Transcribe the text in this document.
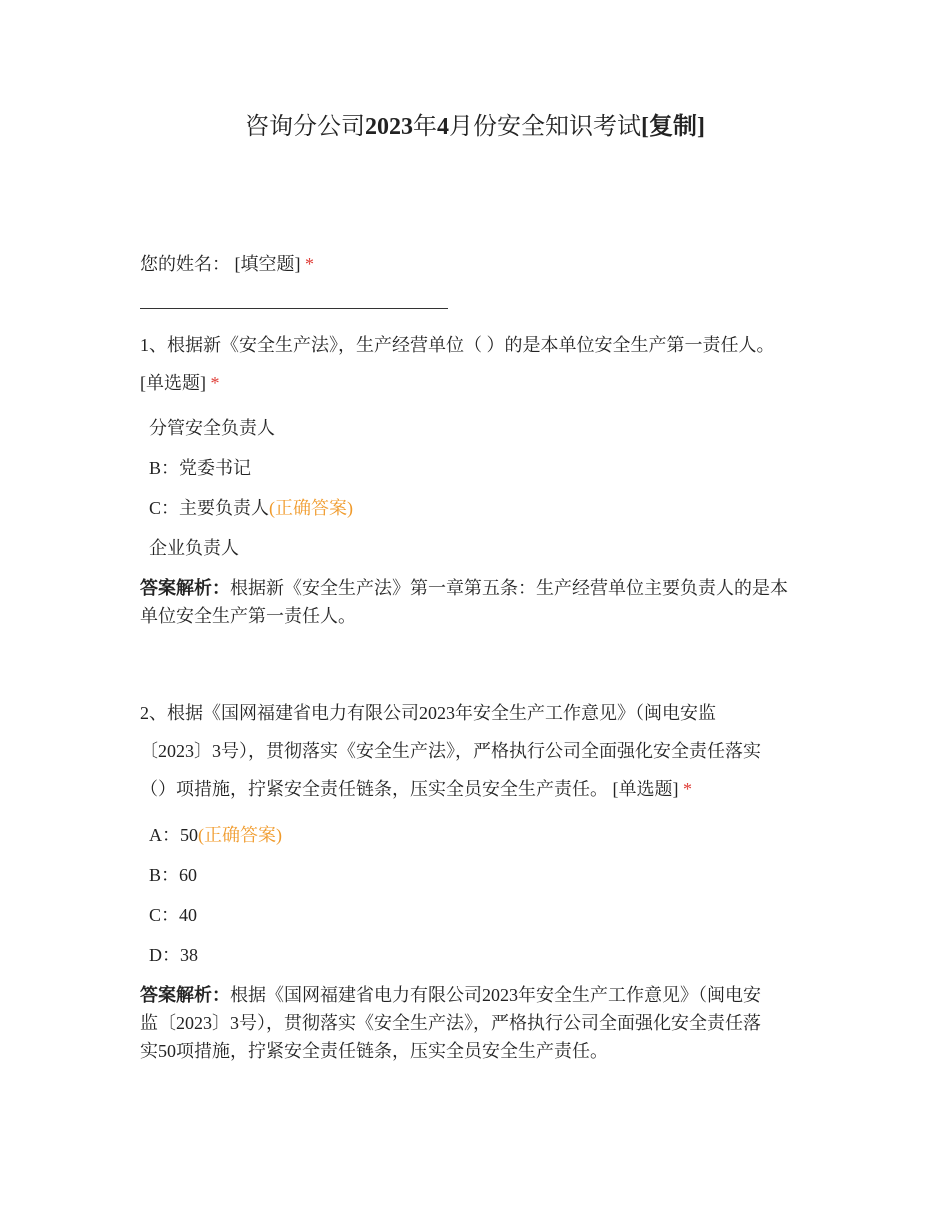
咨询分公司2023年4月份安全知识考试[复制]
您的姓名： [填空题] *
1、根据新《安全生产法》，生产经营单位（ ）的是本单位安全生产第一责任人。
[单选题] *
分管安全负责人
B：党委书记
C：主要负责人(正确答案)
企业负责人
答案解析：根据新《安全生产法》第一章第五条：生产经营单位主要负责人的是本
单位安全生产第一责任人。
2、根据《国网福建省电力有限公司2023年安全生产工作意见》（闽电安监
〔2023〕3号），贯彻落实《安全生产法》，严格执行公司全面强化安全责任落实
（）项措施，拧紧安全责任链条，压实全员安全生产责任。 [单选题] *
A：50(正确答案)
B：60
C：40
D：38
答案解析：根据《国网福建省电力有限公司2023年安全生产工作意见》（闽电安
监〔2023〕3号），贯彻落实《安全生产法》，严格执行公司全面强化安全责任落
实50项措施，拧紧安全责任链条，压实全员安全生产责任。
